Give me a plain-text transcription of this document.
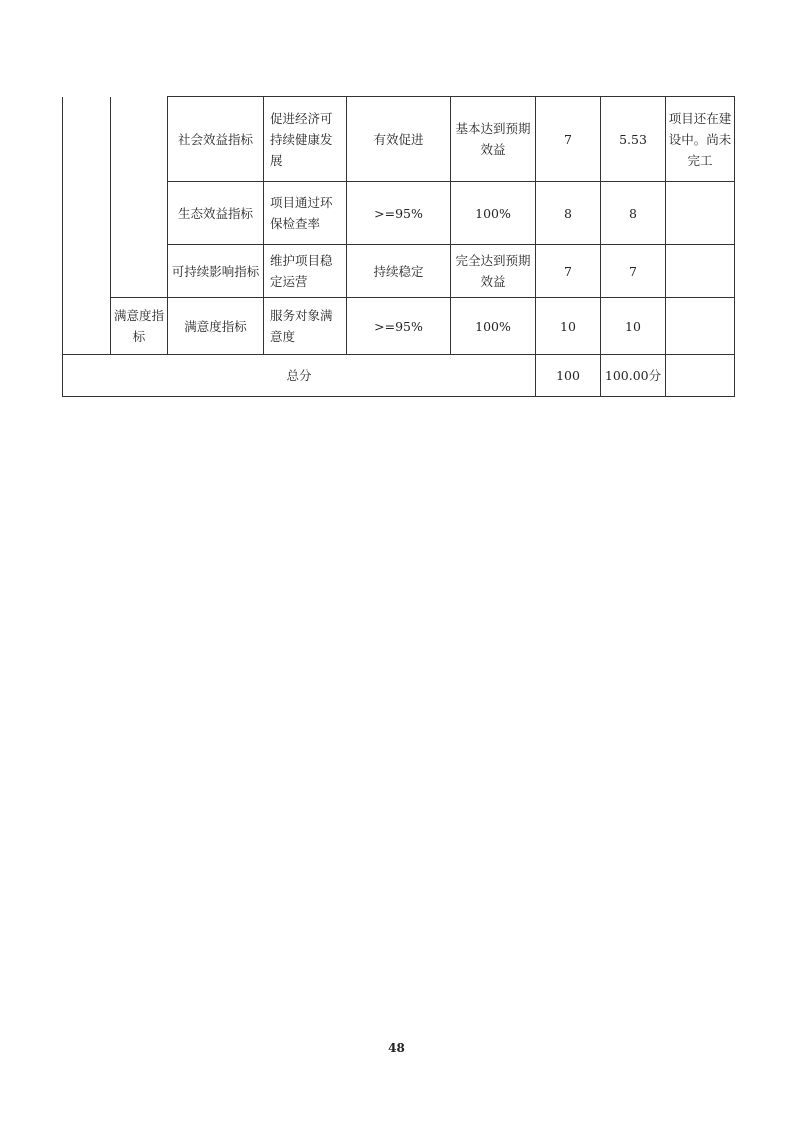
		社会效益指标	促进经济可持续健康发展	有效促进	基本达到预期效益	7	5.53	项目还在建设中。尚未完工
		生态效益指标	项目通过环保检查率	>=95%	100%	8	8	
		可持续影响指标	维护项目稳定运营	持续稳定	完全达到预期效益	7	7	
	满意度指标	满意度指标	服务对象满意度	>=95%	100%	10	10	
总分						100	100.00分	
48
